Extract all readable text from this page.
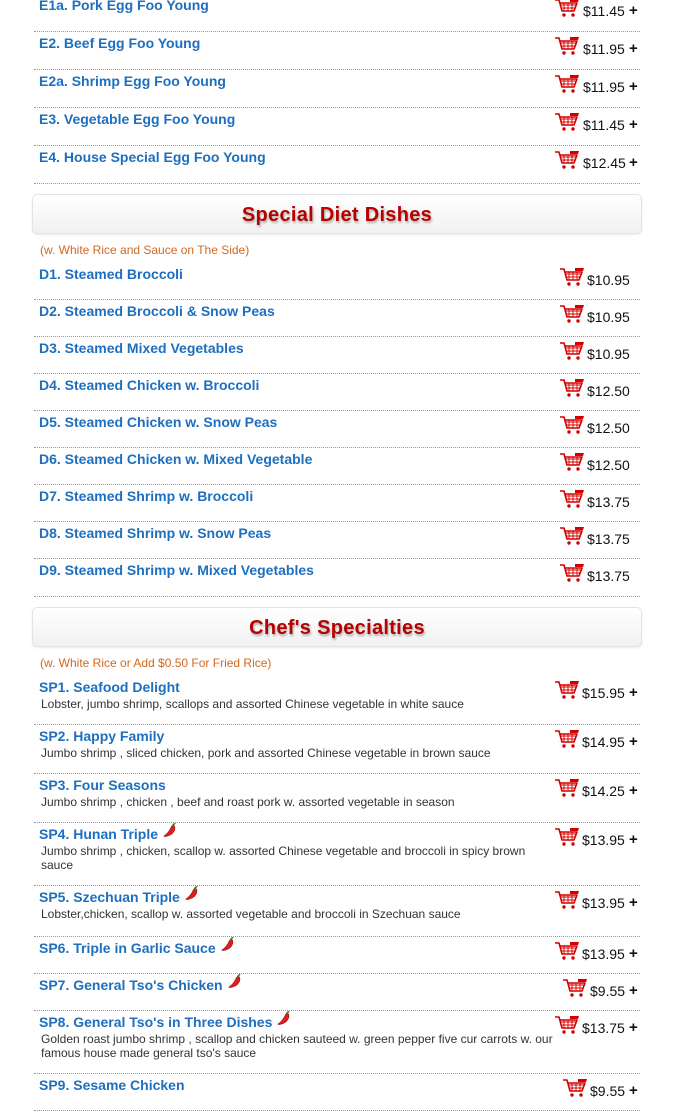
E1a. Pork Egg Foo Young	$11.45 +
E2. Beef Egg Foo Young	$11.95 +
E2a. Shrimp Egg Foo Young	$11.95 +
E3. Vegetable Egg Foo Young	$11.45 +
E4. House Special Egg Foo Young	$12.45 +
Special Diet Dishes
(w. White Rice and Sauce on The Side)
D1. Steamed Broccoli	$10.95
D2. Steamed Broccoli & Snow Peas	$10.95
D3. Steamed Mixed Vegetables	$10.95
D4. Steamed Chicken w. Broccoli	$12.50
D5. Steamed Chicken w. Snow Peas	$12.50
D6. Steamed Chicken w. Mixed Vegetable	$12.50
D7. Steamed Shrimp w. Broccoli	$13.75
D8. Steamed Shrimp w. Snow Peas	$13.75
D9. Steamed Shrimp w. Mixed Vegetables	$13.75
Chef's Specialties
(w. White Rice or Add $0.50 For Fried Rice)
SP1. Seafood Delight
Lobster, jumbo shrimp, scallops and assorted Chinese vegetable in white sauce
$15.95 +
SP2. Happy Family
Jumbo shrimp , sliced chicken, pork and assorted Chinese vegetable in brown sauce
$14.95 +
SP3. Four Seasons
Jumbo shrimp , chicken , beef and roast pork w. assorted vegetable in season
$14.25 +
SP4. Hunan Triple
Jumbo shrimp , chicken, scallop w. assorted Chinese vegetable and broccoli in spicy brown sauce
$13.95 +
SP5. Szechuan Triple
Lobster,chicken, scallop w. assorted vegetable and broccoli in Szechuan sauce
$13.95 +
SP6. Triple in Garlic Sauce	$13.95 +
SP7. General Tso's Chicken	$9.55 +
SP8. General Tso's in Three Dishes
Golden roast jumbo shrimp , scallop and chicken sauteed w. green pepper five cur carrots w. our famous house made general tso's sauce
$13.75 +
SP9. Sesame Chicken	$9.55 +
